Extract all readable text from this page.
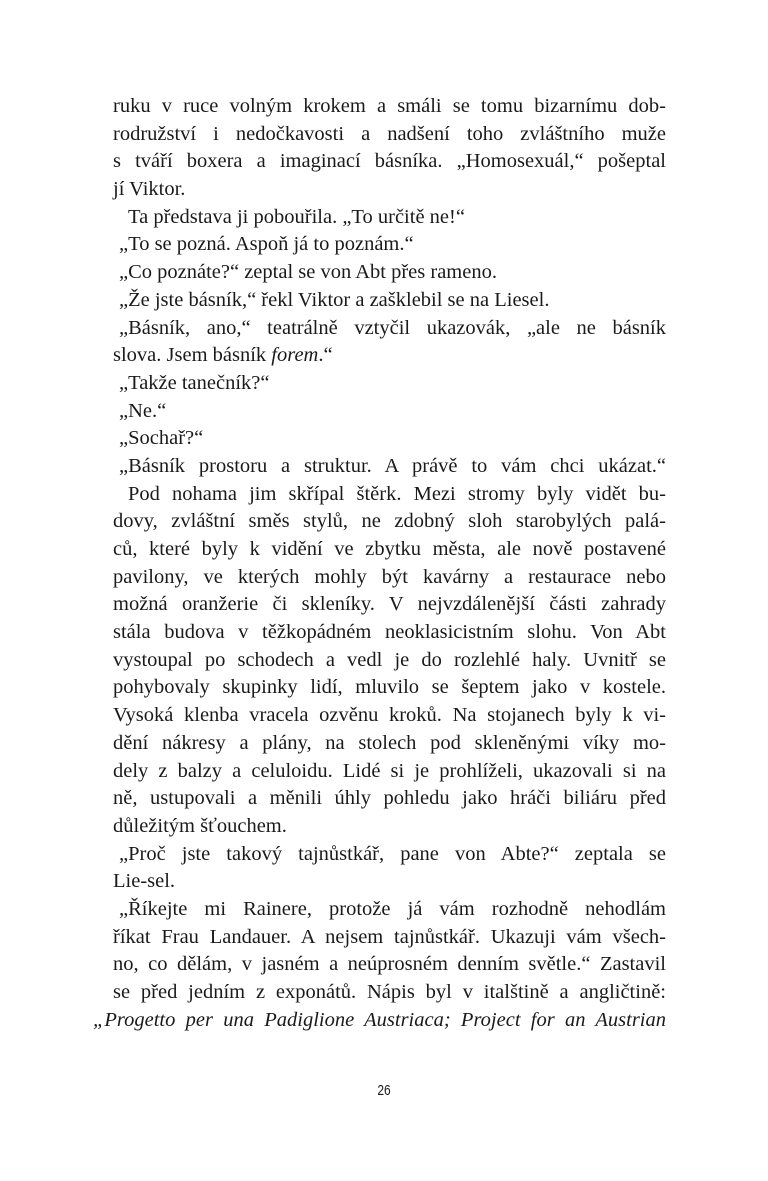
ruku v ruce volným krokem a smáli se tomu bizarnímu dob-
rodružství i nedočkavosti a nadšení toho zvláštního muže
s tváří boxera a imaginací básníka. „Homosexuál,“ pošeptal
jí Viktor.
Ta představa ji pobouřila. „To určitě ne!“
„To se pozná. Aspoň já to poznám.“
„Co poznáte?“ zeptal se von Abt přes rameno.
„Že jste básník,“ řekl Viktor a zašklebil se na Liesel.
„Básník, ano,“ teatrálně vztyčil ukazovák, „ale ne básník
slova. Jsem básník forem.“
„Takže tanečník?“
„Ne.“
„Sochař?“
„Básník prostoru a struktur. A právě to vám chci ukázat.“
Pod nohama jim skřípal štěrk. Mezi stromy byly vidět bu-
dovy, zvláštní směs stylů, ne zdobný sloh starobylých palá-
ců, které byly k vidění ve zbytku města, ale nově postavené
pavilony, ve kterých mohly být kavárny a restaurace nebo
možná oranžerie či skleníky. V nejvzdálenější části zahrady
stála budova v těžkopádném neoklasicistním slohu. Von Abt
vystoupal po schodech a vedl je do rozlehlé haly. Uvnitř se
pohybovaly skupinky lidí, mluvilo se šeptem jako v kostele.
Vysoká klenba vracela ozvěnu kroků. Na stojanech byly k vi-
dění nákresy a plány, na stolech pod skleněnými víky mo-
dely z balzy a celuloidu. Lidé si je prohlíželi, ukazovali si na
ně, ustupovali a měnili úhly pohledu jako hráči biliáru před
důležitým šťouchem.
„Proč jste takový tajnůstkář, pane von Abte?“ zeptala se
Lie-sel.
„Říkejte mi Rainere, protože já vám rozhodně nehodlám
říkat Frau Landauer. A nejsem tajnůstkář. Ukazuji vám všech-
no, co dělám, v jasném a neúprosném denním světle.“ Zastavil
se před jedním z exponátů. Nápis byl v italštině a angličtině:
„Progetto per una Padiglione Austriaca; Project for an Austrian
26
